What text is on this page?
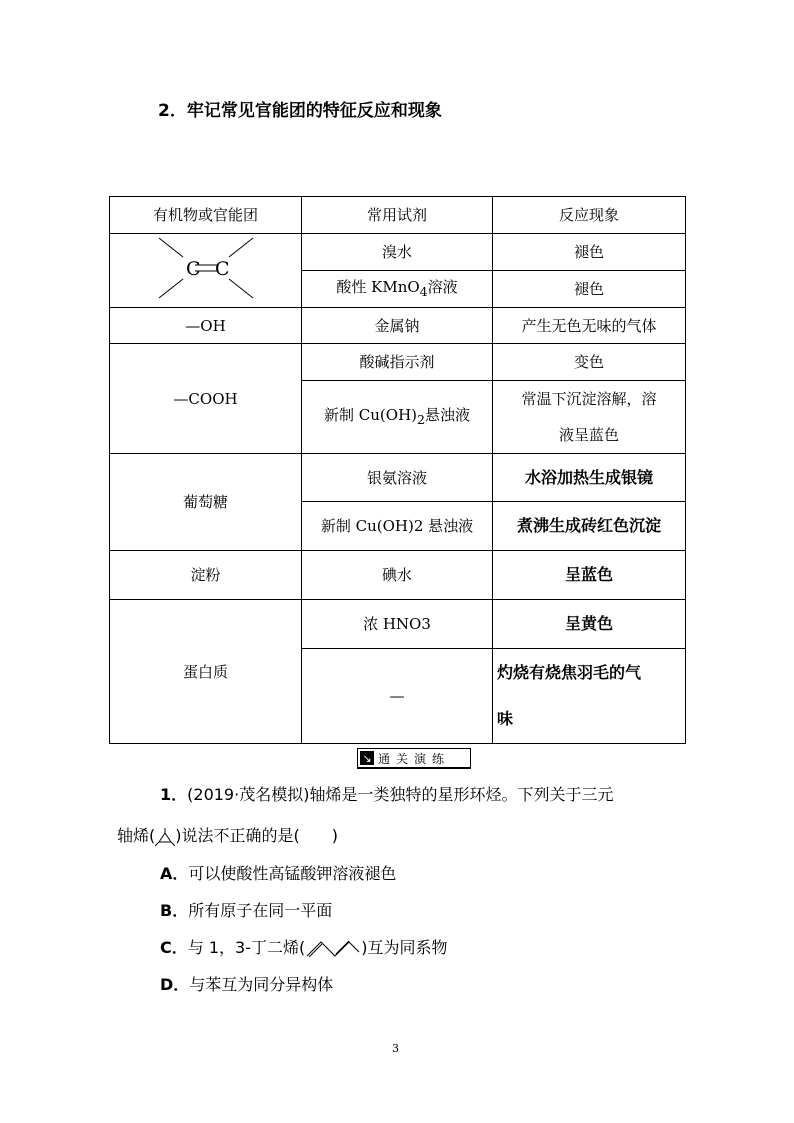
2．牢记常见官能团的特征反应和现象
有机物或官能团	常用试剂	反应现象

C C	溴水	褪色
	酸性 KMnO$_4$溶液	褪色
—OH	金属钠	产生无色无味的气体
—COOH	酸碱指示剂	变色
	新制 $Cu(OH)_2$悬浊液	常温下沉淀溶解，溶
液呈蓝色

葡萄糖	银氨溶液	水浴加热生成银镜
	新制 Cu(OH)2 悬浊液	煮沸生成砖红色沉淀
淀粉	碘水	呈蓝色
蛋白质	浓 HNO3	呈黄色
	—	灼烧有烧焦羽毛的气
味
↘ 通关演练
1．(2019·茂名模拟)轴烯是一类独特的星形环烃。下列关于三元
轴烯( )说法不正确的是(　　)
A．可以使酸性高锰酸钾溶液褪色
B．所有原子在同一平面
C．与 1，3-丁二烯(	)互为同系物
D．与苯互为同分异构体
3
